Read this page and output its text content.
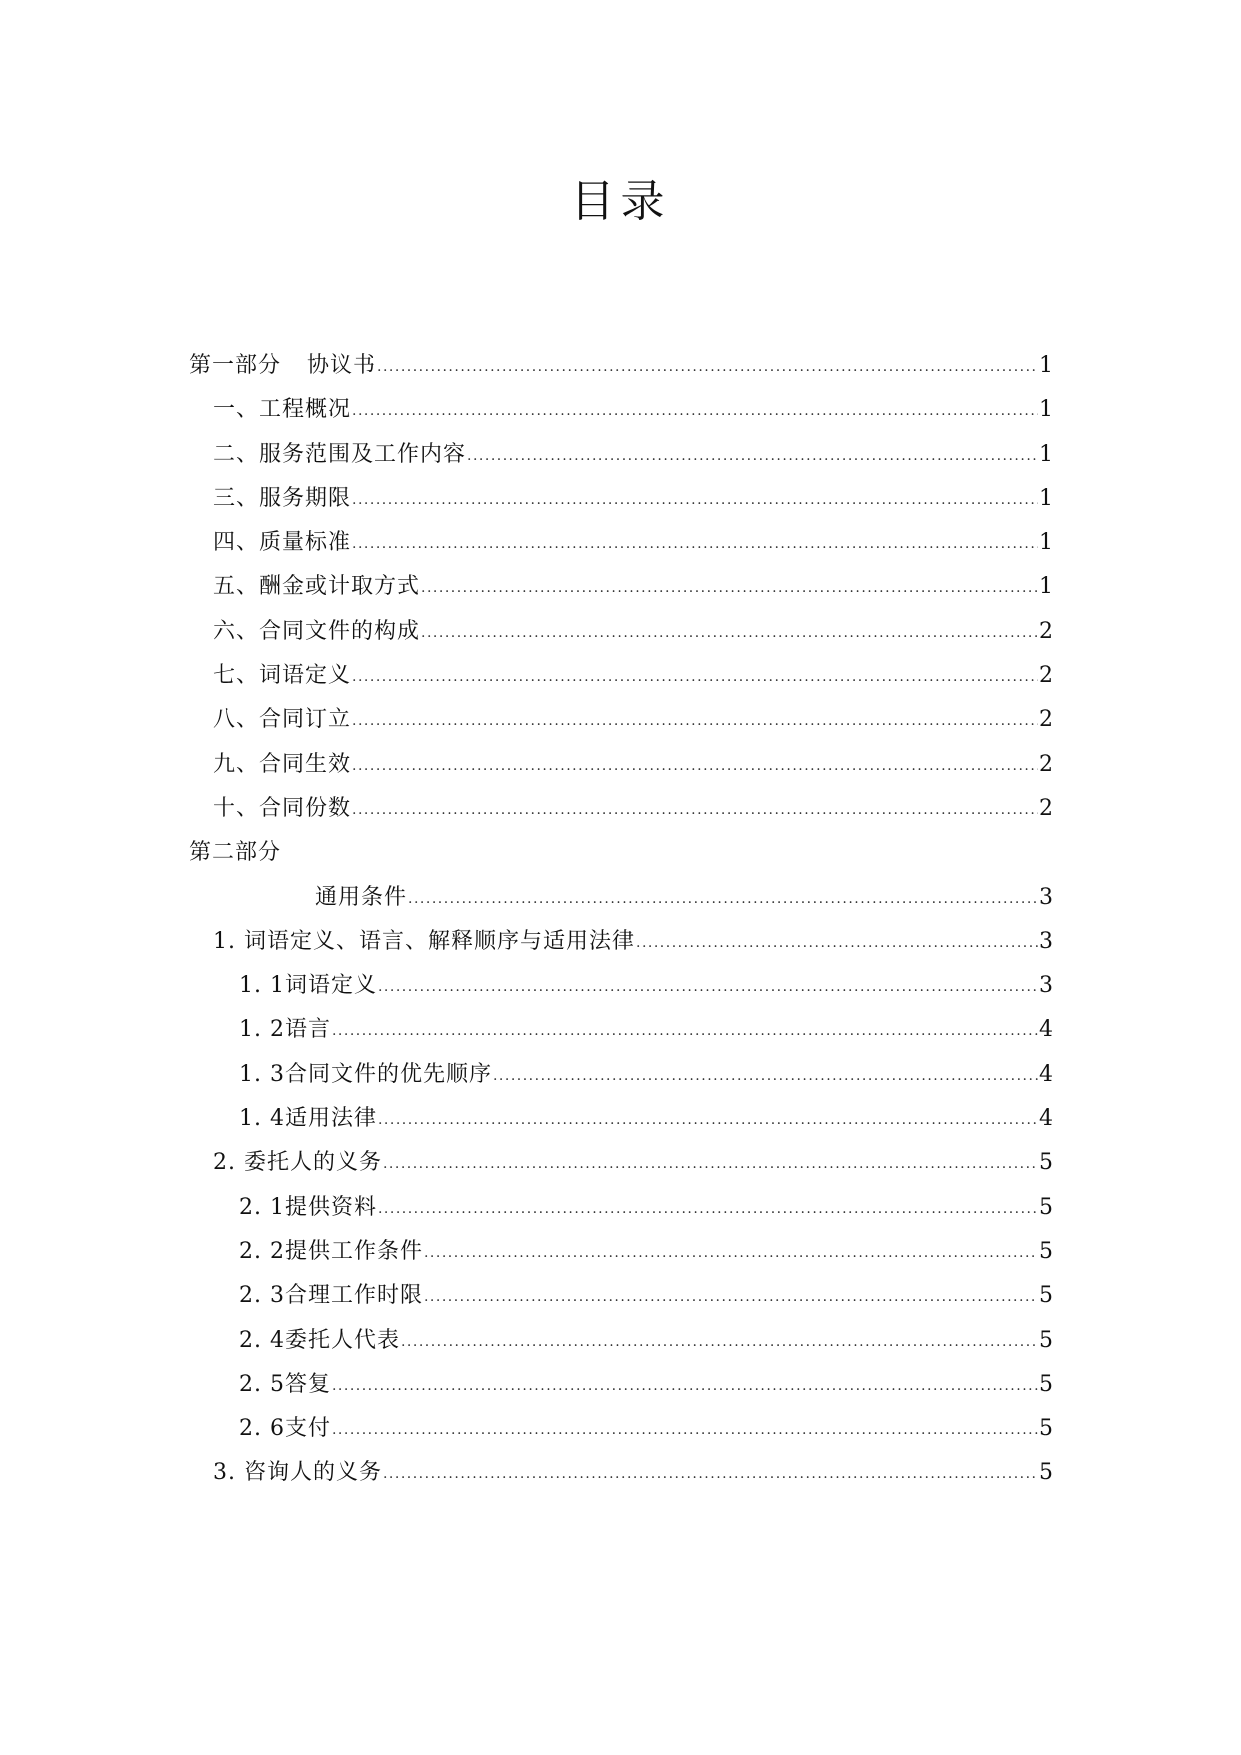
目录
第一部分 协议书 .....	1
一、工程概况 .....	1
二、服务范围及工作内容 .....	1
三、服务期限 .....	1
四、质量标准 .....	1
五、酬金或计取方式 .....	1
六、合同文件的构成 .....	2
七、词语定义 .....	2
八、合同订立 .....	2
九、合同生效 .....	2
十、合同份数 .....	2
第二部分
通用条件 .....	3
1. 词语定义、语言、解释顺序与适用法律 .....	3
1. 1词语定义 .....	3
1. 2语言 .....	4
1. 3合同文件的优先顺序 .....	4
1. 4适用法律 .....	4
2. 委托人的义务 .....	5
2. 1提供资料 .....	5
2. 2提供工作条件 .....	5
2. 3合理工作时限 .....	5
2. 4委托人代表 .....	5
2. 5答复 .....	5
2. 6支付 .....	5
3. 咨询人的义务 .....	5
